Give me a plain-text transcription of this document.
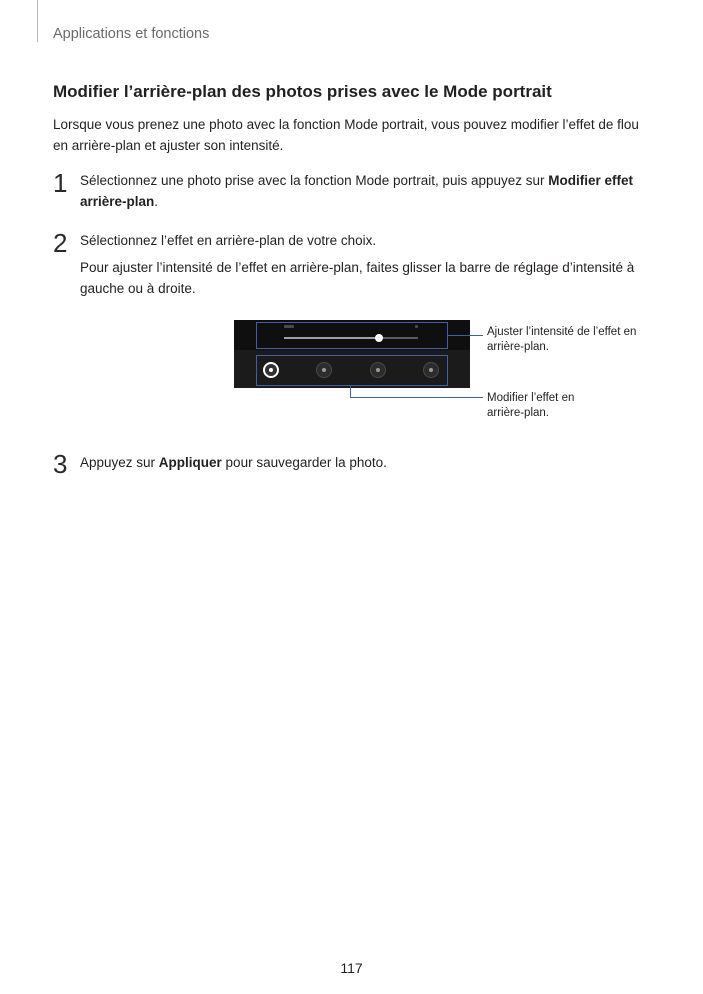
Applications et fonctions
Modifier l’arrière-plan des photos prises avec le Mode portrait

Lorsque vous prenez une photo avec la fonction Mode portrait, vous pouvez modifier l’effet de flou
en arrière-plan et ajuster son intensité.

1 Sélectionnez une photo prise avec la fonction Mode portrait, puis appuyez sur Modifier effet arrière-plan.

2 Sélectionnez l’effet en arrière-plan de votre choix.

Pour ajuster l’intensité de l’effet en arrière-plan, faites glisser la barre de réglage d’intensité à gauche ou à droite.

Ajuster l’intensité de l’effet en
arrière-plan.

Modifier l’effet en
arrière-plan.

3 Appuyez sur Appliquer pour sauvegarder la photo.

117
